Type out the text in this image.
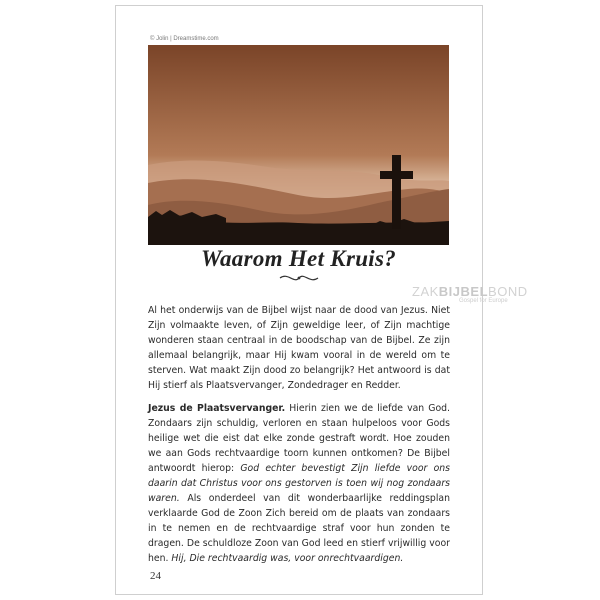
© Jolin | Dreamstime.com
Waarom Het Kruis?
ZAKBIJBELBOND
Gospel for Europe

Al het onderwijs van de Bijbel wijst naar de dood van Jezus. Niet Zijn volmaakte leven, of Zijn geweldige leer, of Zijn machtige wonderen staan centraal in de boodschap van de Bijbel. Ze zijn allemaal belangrijk, maar Hij kwam vooral in de wereld om te sterven. Wat maakt Zijn dood zo belangrijk? Het antwoord is dat Hij stierf als Plaatsvervanger, Zondedrager en Redder.

Jezus de Plaatsvervanger. Hierin zien we de liefde van God. Zondaars zijn schuldig, verloren en staan hulpeloos voor Gods heilige wet die eist dat elke zonde gestraft wordt. Hoe zouden we aan Gods rechtvaardige toorn kunnen ontkomen? De Bijbel antwoordt hierop: God echter bevestigt Zijn liefde voor ons daarin dat Christus voor ons gestorven is toen wij nog zondaars waren. Als onderdeel van dit wonderbaarlijke reddingsplan verklaarde God de Zoon Zich bereid om de plaats van zondaars in te nemen en de rechtvaardige straf voor hun zonden te dragen. De schuldloze Zoon van God leed en stierf vrijwillig voor hen. Hij, Die rechtvaardig was, voor onrechtvaardigen.

24
